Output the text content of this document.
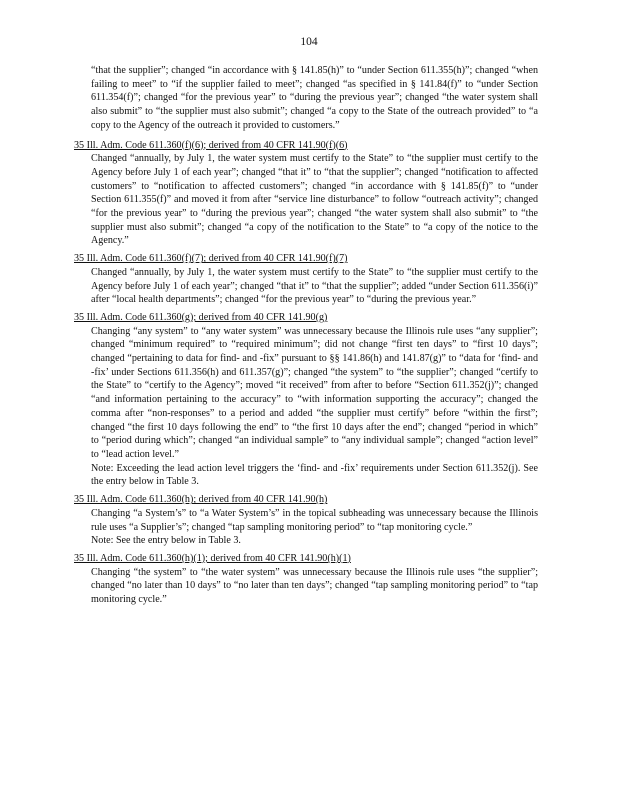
104

“that the supplier”; changed “in accordance with § 141.85(h)” to “under Section 611.355(h)”; changed “when failing to meet” to “if the supplier failed to meet”; changed “as specified in § 141.84(f)” to “under Section 611.354(f)”; changed “for the previous year” to “during the previous year”; changed “the water system shall also submit” to “the supplier must also submit”; changed “a copy to the State of the outreach provided” to “a copy to the Agency of the outreach it provided to customers.”

35 Ill. Adm. Code 611.360(f)(6); derived from 40 CFR 141.90(f)(6)

Changed “annually, by July 1, the water system must certify to the State” to “the supplier must certify to the Agency before July 1 of each year”; changed “that it” to “that the supplier”; changed “notification to affected customers” to “notification to affected customers”; changed “in accordance with § 141.85(f)” to “under Section 611.355(f)” and moved it from after “service line disturbance” to follow “outreach activity”; changed “for the previous year” to “during the previous year”; changed “the water system shall also submit” to “the supplier must also submit”; changed “a copy of the notification to the State” to “a copy of the notice to the Agency.”

35 Ill. Adm. Code 611.360(f)(7); derived from 40 CFR 141.90(f)(7)

Changed “annually, by July 1, the water system must certify to the State” to “the supplier must certify to the Agency before July 1 of each year”; changed “that it” to “that the supplier”; added “under Section 611.356(i)” after “local health departments”; changed “for the previous year” to “during the previous year.”

35 Ill. Adm. Code 611.360(g); derived from 40 CFR 141.90(g)

Changing “any system” to “any water system” was unnecessary because the Illinois rule uses “any supplier”; changed “minimum required” to “required minimum”; did not change “first ten days” to “first 10 days”; changed “pertaining to data for find- and -fix” pursuant to §§ 141.86(h) and 141.87(g)” to “data for ‘find- and -fix’ under Sections 611.356(h) and 611.357(g)”; changed “the system” to “the supplier”; changed “certify to the State” to “certify to the Agency”; moved “it received” from after to before “Section 611.352(j)”; changed “and information pertaining to the accuracy” to “with information supporting the accuracy”; changed the comma after “non-responses” to a period and added “the supplier must certify” before “within the first”; changed “the first 10 days following the end” to “the first 10 days after the end”; changed “period in which” to “period during which”; changed “an individual sample” to “any individual sample”; changed “action level” to “lead action level.”

Note: Exceeding the lead action level triggers the ‘find- and -fix’ requirements under Section 611.352(j). See the entry below in Table 3.

35 Ill. Adm. Code 611.360(h); derived from 40 CFR 141.90(h)

Changing “a System’s” to “a Water System’s” in the topical subheading was unnecessary because the Illinois rule uses “a Supplier’s”; changed “tap sampling monitoring period” to “tap monitoring cycle.”

Note: See the entry below in Table 3.

35 Ill. Adm. Code 611.360(h)(1); derived from 40 CFR 141.90(h)(1)

Changing “the system” to “the water system” was unnecessary because the Illinois rule uses “the supplier”; changed “no later than 10 days” to “no later than ten days”; changed “tap sampling monitoring period” to “tap monitoring cycle.”
